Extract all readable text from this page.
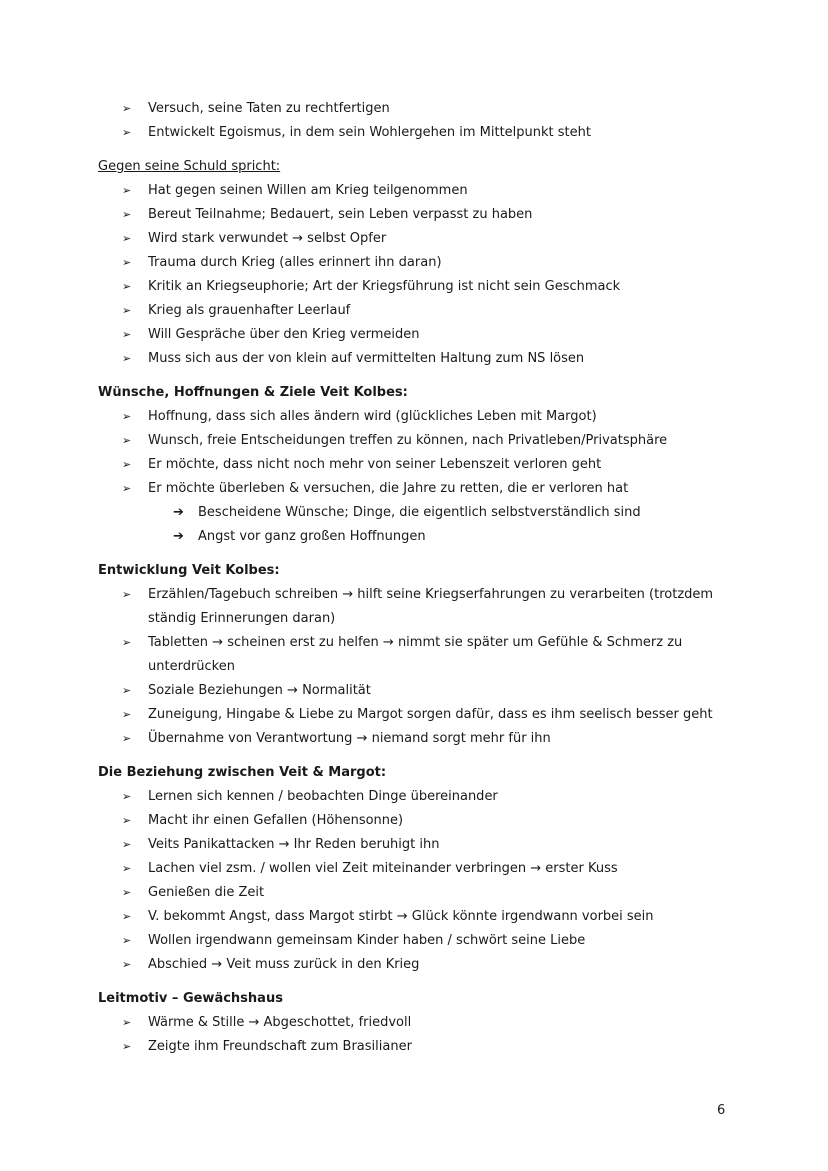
➢ Versuch, seine Taten zu rechtfertigen
➢ Entwickelt Egoismus, in dem sein Wohlergehen im Mittelpunkt steht
Gegen seine Schuld spricht:
➢ Hat gegen seinen Willen am Krieg teilgenommen
➢ Bereut Teilnahme; Bedauert, sein Leben verpasst zu haben
➢ Wird stark verwundet → selbst Opfer
➢ Trauma durch Krieg (alles erinnert ihn daran)
➢ Kritik an Kriegseuphorie; Art der Kriegsführung ist nicht sein Geschmack
➢ Krieg als grauenhafter Leerlauf
➢ Will Gespräche über den Krieg vermeiden
➢ Muss sich aus der von klein auf vermittelten Haltung zum NS lösen
Wünsche, Hoffnungen & Ziele Veit Kolbes:
➢ Hoffnung, dass sich alles ändern wird (glückliches Leben mit Margot)
➢ Wunsch, freie Entscheidungen treffen zu können, nach Privatleben/Privatsphäre
➢ Er möchte, dass nicht noch mehr von seiner Lebenszeit verloren geht
➢ Er möchte überleben & versuchen, die Jahre zu retten, die er verloren hat
➔ Bescheidene Wünsche; Dinge, die eigentlich selbstverständlich sind
➔ Angst vor ganz großen Hoffnungen
Entwicklung Veit Kolbes:
➢ Erzählen/Tagebuch schreiben → hilft seine Kriegserfahrungen zu verarbeiten (trotzdem
ständig Erinnerungen daran)
➢ Tabletten → scheinen erst zu helfen → nimmt sie später um Gefühle & Schmerz zu
unterdrücken
➢ Soziale Beziehungen → Normalität
➢ Zuneigung, Hingabe & Liebe zu Margot sorgen dafür, dass es ihm seelisch besser geht
➢ Übernahme von Verantwortung → niemand sorgt mehr für ihn
Die Beziehung zwischen Veit & Margot:
➢ Lernen sich kennen / beobachten Dinge übereinander
➢ Macht ihr einen Gefallen (Höhensonne)
➢ Veits Panikattacken → Ihr Reden beruhigt ihn
➢ Lachen viel zsm. / wollen viel Zeit miteinander verbringen → erster Kuss
➢ Genießen die Zeit
➢ V. bekommt Angst, dass Margot stirbt → Glück könnte irgendwann vorbei sein
➢ Wollen irgendwann gemeinsam Kinder haben / schwört seine Liebe
➢ Abschied → Veit muss zurück in den Krieg
Leitmotiv – Gewächshaus
➢ Wärme & Stille → Abgeschottet, friedvoll
➢ Zeigte ihm Freundschaft zum Brasilianer
6
